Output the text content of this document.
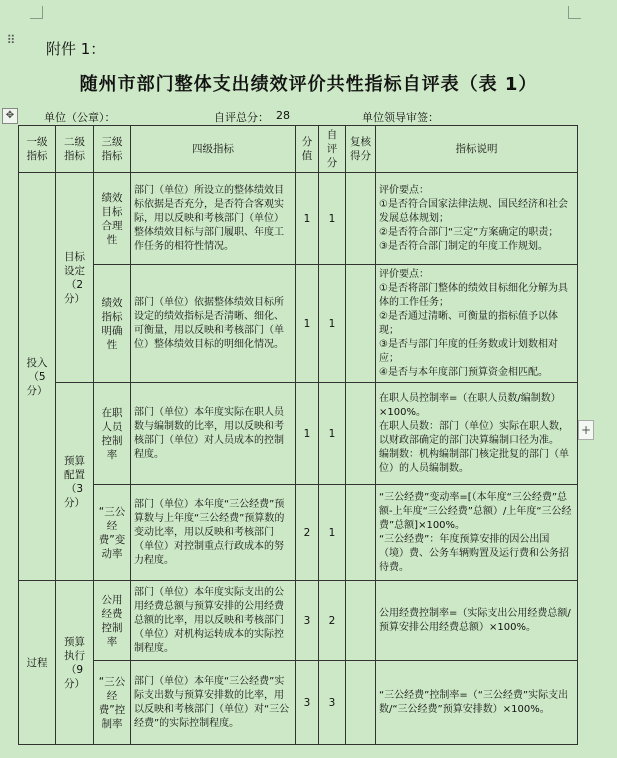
⠿
✥
+
附件 1：
随州市部门整体支出绩效评价共性指标自评表（表 1）
单位（公章）：	自评总分： 28	单位领导审签：
一级指标	二级指标	三级指标	四级指标	分值	自评分	复核得分	指标说明
投入（5分）	目标设定（2分）	绩效目标合理性	部门（单位）所设立的整体绩效目标依据是否充分，是否符合客观实际，用以反映和考核部门（单位）整体绩效目标与部门履职、年度工作任务的相符性情况。	1	1		评价要点：
①是否符合国家法律法规、国民经济和社会发展总体规划；
②是否符合部门“三定”方案确定的职责；
③是否符合部门制定的年度工作规划。
		绩效指标明确性	部门（单位）依据整体绩效目标所设定的绩效指标是否清晰、细化、可衡量，用以反映和考核部门（单位）整体绩效目标的明细化情况。	1	1		评价要点：
①是否将部门整体的绩效目标细化分解为具体的工作任务；
②是否通过清晰、可衡量的指标值予以体现；
③是否与部门年度的任务数或计划数相对应；
④是否与本年度部门预算资金相匹配。
	预算配置（3分）	在职人员控制率	部门（单位）本年度实际在职人员数与编制数的比率，用以反映和考核部门（单位）对人员成本的控制程度。	1	1		在职人员控制率=（在职人员数/编制数）×100%。
在职人员数：部门（单位）实际在职人数，以财政部确定的部门决算编制口径为准。
编制数：机构编制部门核定批复的部门（单位）的人员编制数。
		“三公经费”变动率	部门（单位）本年度“三公经费”预算数与上年度“三公经费”预算数的变动比率，用以反映和考核部门（单位）对控制重点行政成本的努力程度。	2	1		“三公经费”变动率=[（本年度“三公经费”总额-上年度“三公经费”总额）/上年度“三公经费”总额]×100%。
“三公经费”：年度预算安排的因公出国（境）费、公务车辆购置及运行费和公务招待费。
过程	预算执行（9分）	公用经费控制率	部门（单位）本年度实际支出的公用经费总额与预算安排的公用经费总额的比率，用以反映和考核部门（单位）对机构运转成本的实际控制程度。	3	2		公用经费控制率=（实际支出公用经费总额/预算安排公用经费总额）×100%。
		“三公经费”控制率	部门（单位）本年度“三公经费”实际支出数与预算安排数的比率，用以反映和考核部门（单位）对“三公经费”的实际控制程度。	3	3		“三公经费”控制率=（“三公经费”实际支出数/“三公经费”预算安排数）×100%。
